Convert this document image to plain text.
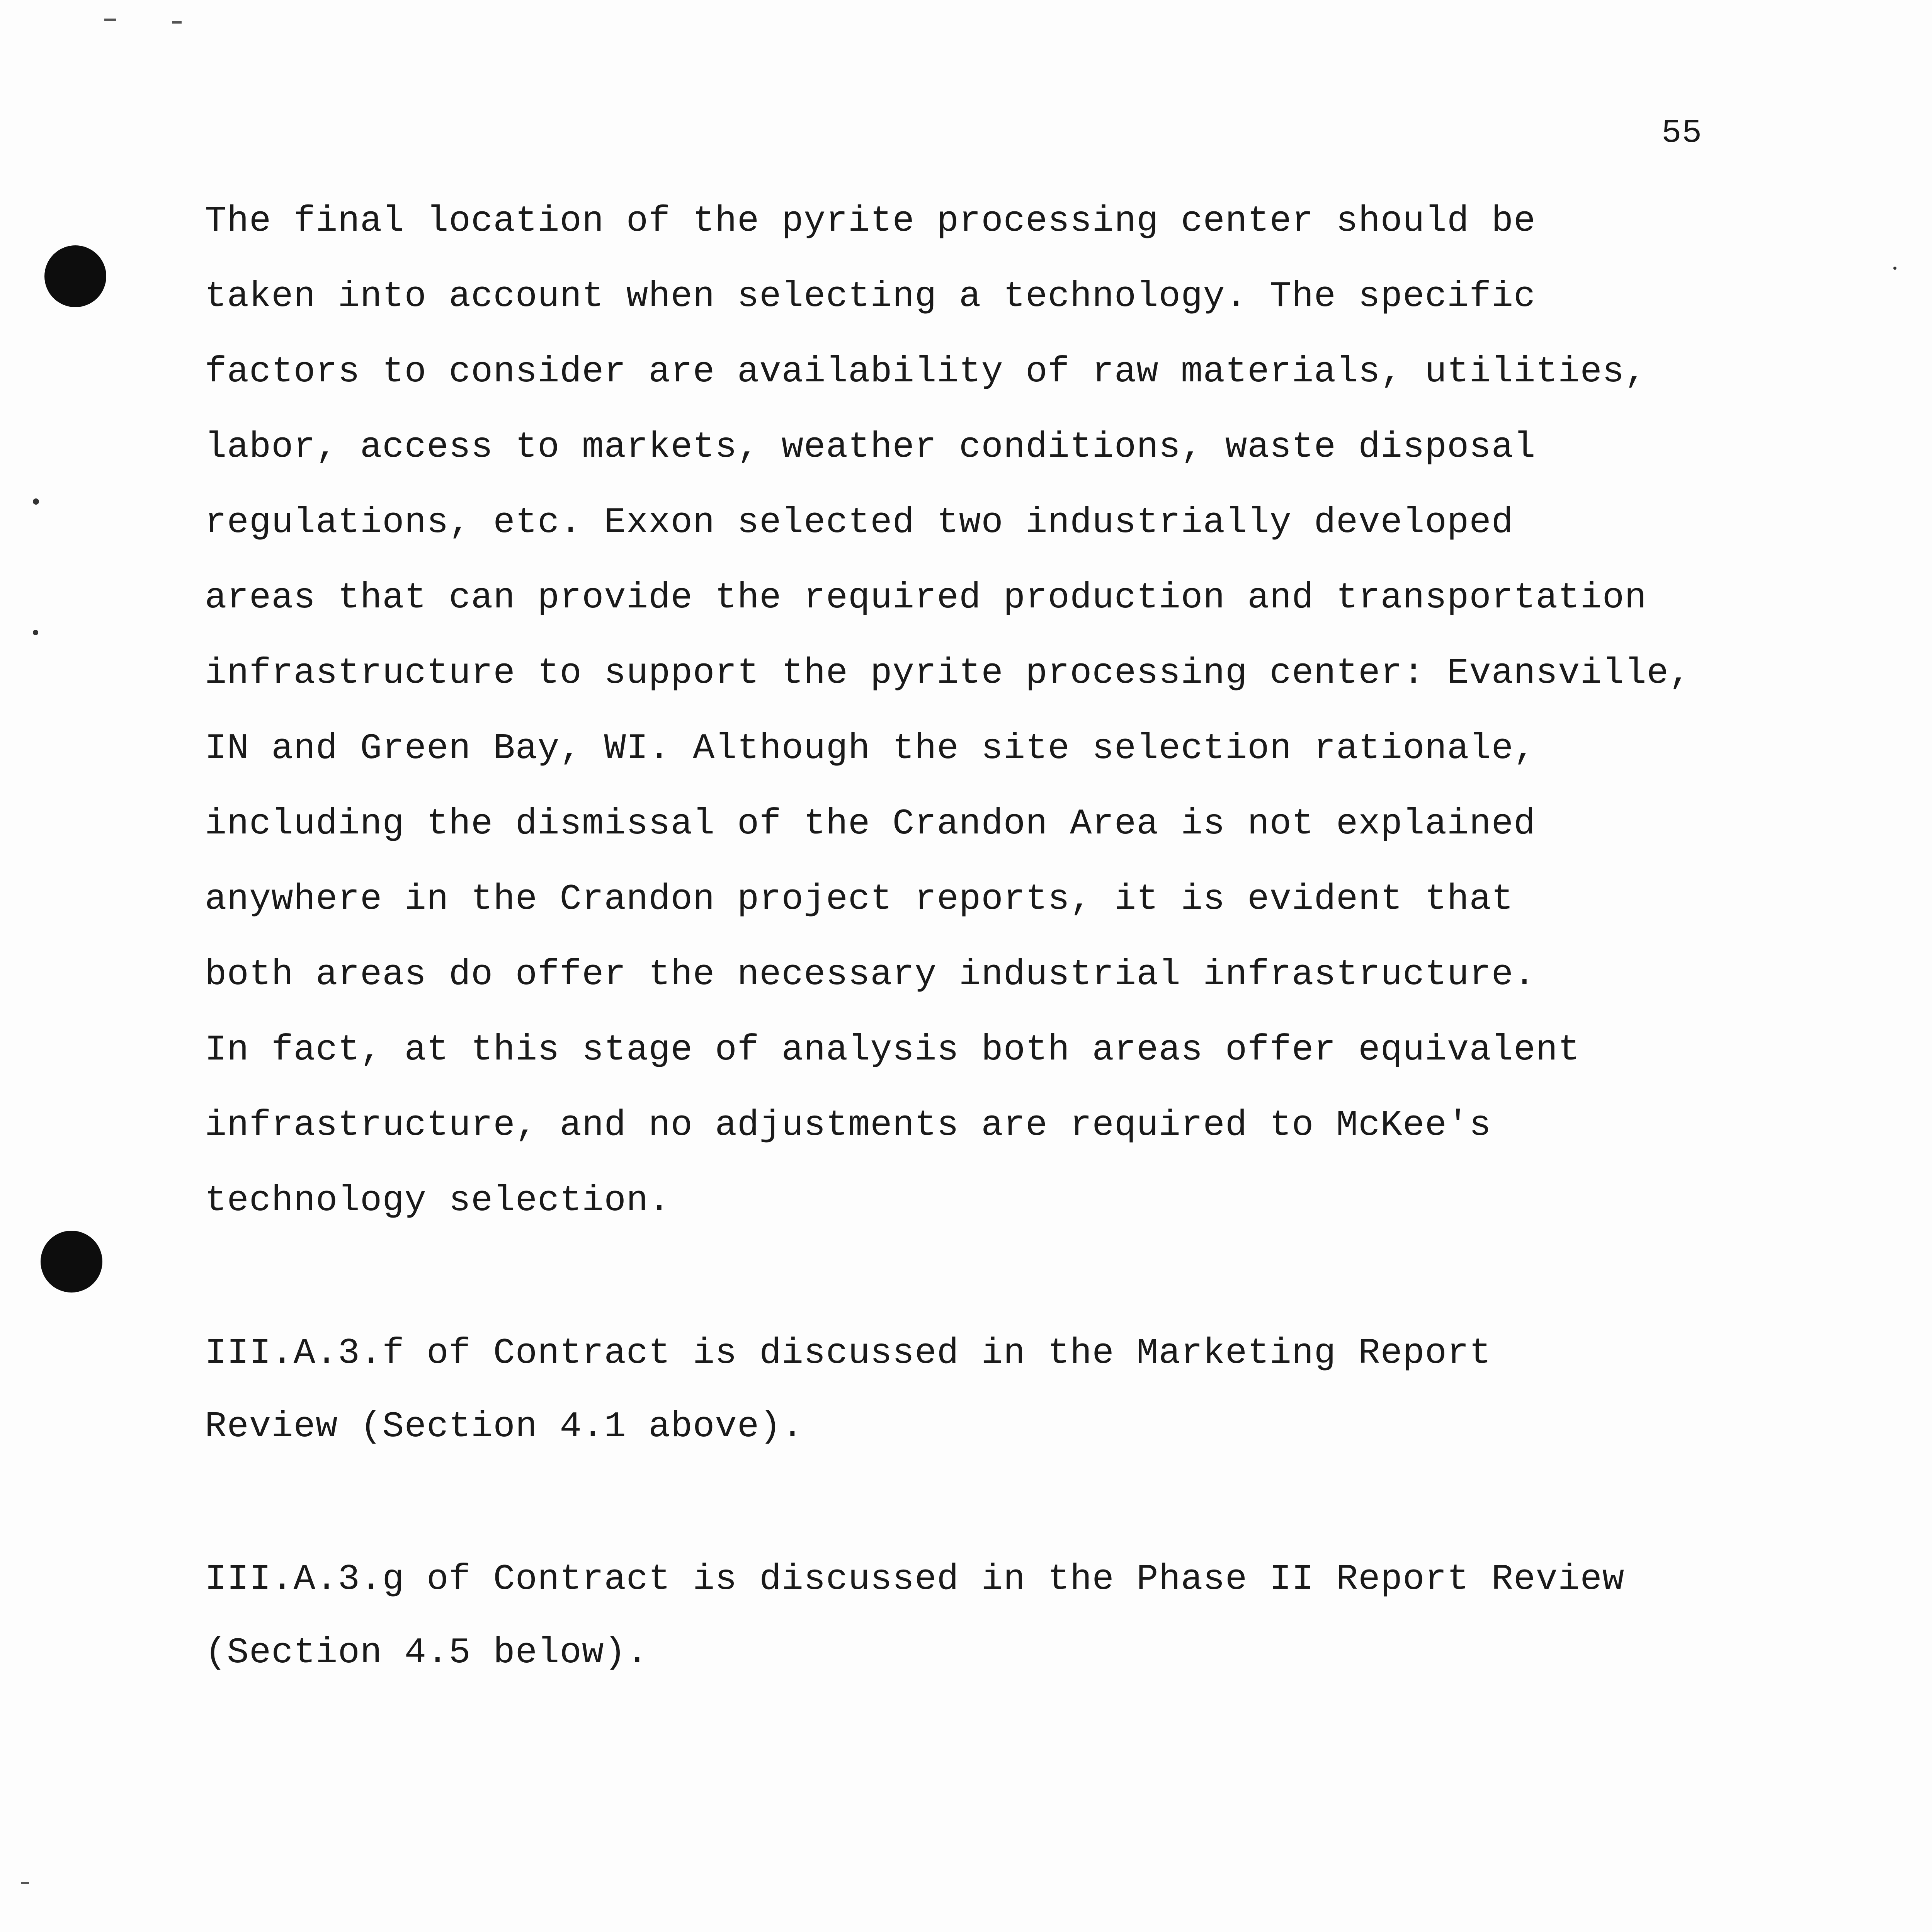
55
The final location of the pyrite processing center should be
taken into account when selecting a technology. The specific
factors to consider are availability of raw materials, utilities,
labor, access to markets, weather conditions, waste disposal
regulations, etc. Exxon selected two industrially developed
areas that can provide the required production and transportation
infrastructure to support the pyrite processing center: Evansville,
IN and Green Bay, WI. Although the site selection rationale,
including the dismissal of the Crandon Area is not explained
anywhere in the Crandon project reports, it is evident that
both areas do offer the necessary industrial infrastructure.
In fact, at this stage of analysis both areas offer equivalent
infrastructure, and no adjustments are required to McKee's
technology selection.
III.A.3.f of Contract is discussed in the Marketing Report
Review (Section 4.1 above).
III.A.3.g of Contract is discussed in the Phase II Report Review
(Section 4.5 below).
